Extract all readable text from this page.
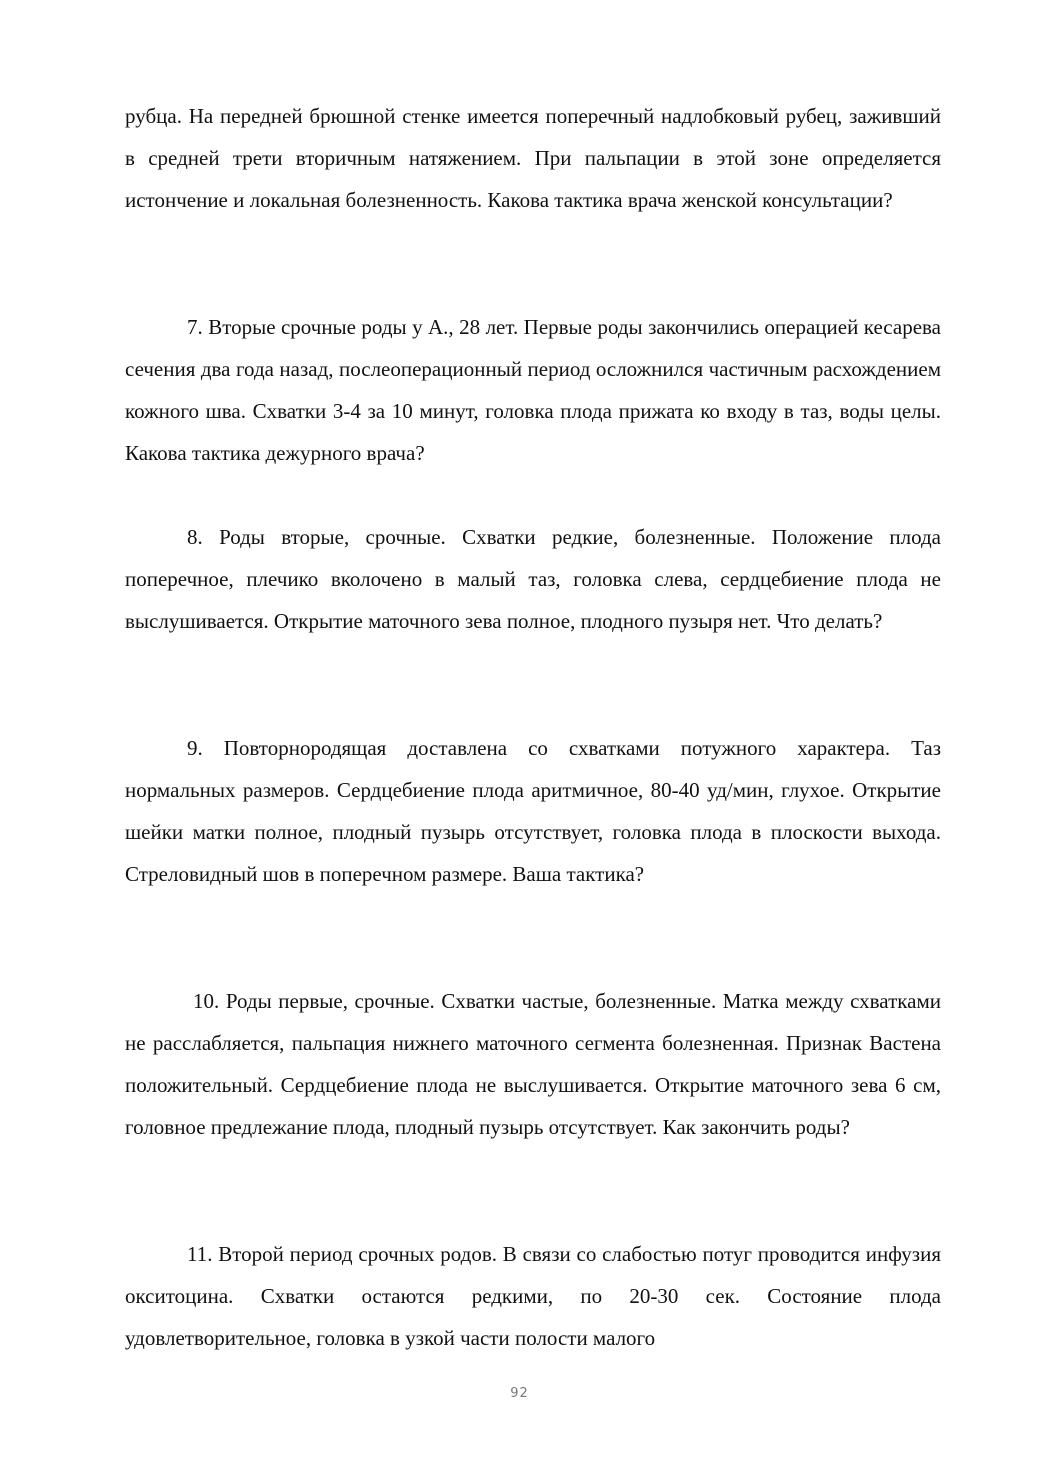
рубца. На передней брюшной стенке имеется поперечный надлобковый рубец, заживший в средней трети вторичным натяжением. При пальпации в этой зоне определяется истончение и локальная болезненность. Какова тактика врача женской консультации?

7. Вторые срочные роды у А., 28 лет. Первые роды закончились операцией кесарева сечения два года назад, послеоперационный период осложнился частичным расхождением кожного шва. Схватки 3-4 за 10 минут, головка плода прижата ко входу в таз, воды целы. Какова тактика дежурного врача?

8. Роды вторые, срочные. Схватки редкие, болезненные. Положение плода поперечное, плечико вколочено в малый таз, головка слева, сердцебиение плода не выслушивается. Открытие маточного зева полное, плодного пузыря нет. Что делать?

9. Повторнородящая доставлена со схватками потужного характера. Таз нормальных размеров. Сердцебиение плода аритмичное, 80-40 уд/мин, глухое. Открытие шейки матки полное, плодный пузырь отсутствует, головка плода в плоскости выхода. Стреловидный шов в поперечном размере. Ваша тактика?

10. Роды первые, срочные. Схватки частые, болезненные. Матка между схватками не расслабляется, пальпация нижнего маточного сегмента болезненная. Признак Вастена положительный. Сердцебиение плода не выслушивается. Открытие маточного зева 6 см, головное предлежание плода, плодный пузырь отсутствует. Как закончить роды?

11. Второй период срочных родов. В связи со слабостью потуг проводится инфузия окситоцина. Схватки остаются редкими, по 20-30 сек. Состояние плода удовлетворительное, головка в узкой части полости малого

92
